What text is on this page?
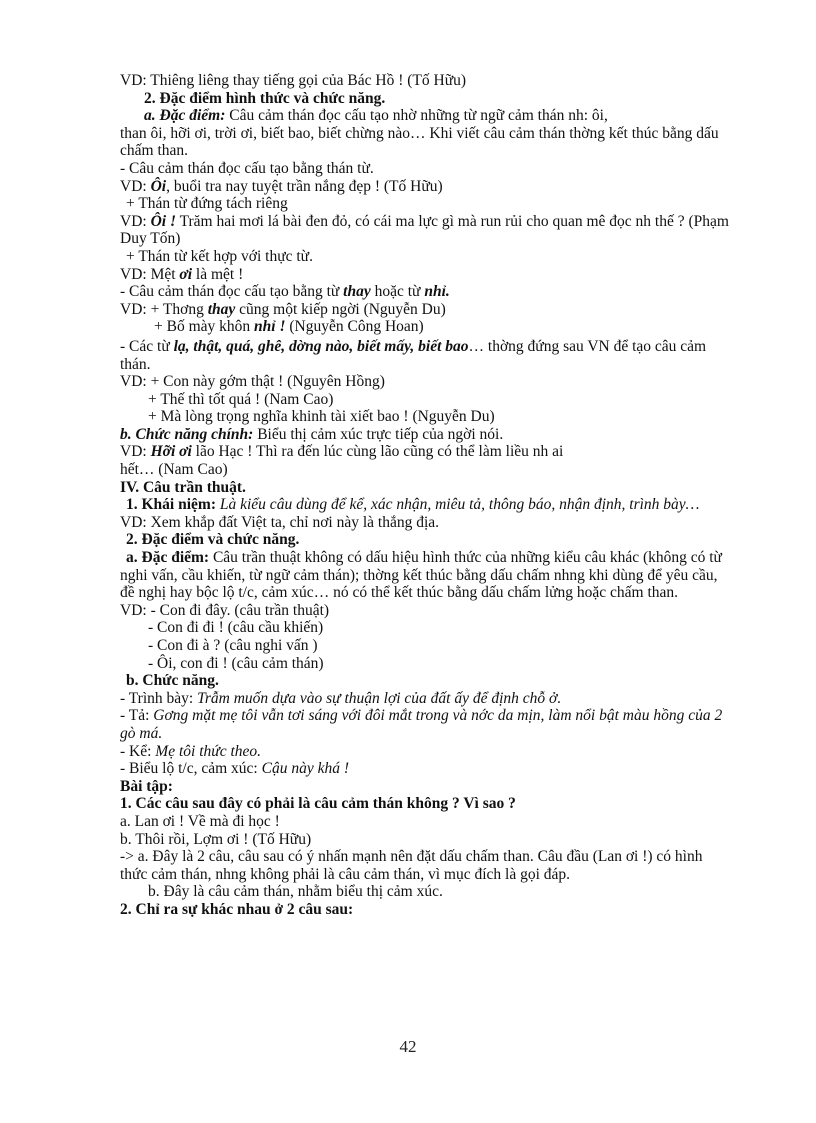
VD: Thiêng liêng thay tiếng gọi của Bác Hồ ! (Tố Hữu)
2. Đặc điểm hình thức và chức năng.
a. Đặc điểm: Câu cảm thán đọc cấu tạo nhờ những từ ngữ cảm thán nh: ôi,
than ôi, hỡi ơi, trời ơi, biết bao, biết chừng nào… Khi viết câu cảm thán thờng kết thúc bằng dấu chấm than.
- Câu cảm thán đọc cấu tạo bằng thán từ.
VD: Ôi, buổi tra nay tuyệt trần nắng đẹp ! (Tố Hữu)
+ Thán từ đứng tách riêng
VD: Ôi ! Trăm hai mơi lá bài đen đỏ, có cái ma lực gì mà run rủi cho quan mê đọc nh thế ? (Phạm Duy Tốn)
+ Thán từ kết hợp với thực từ.
VD: Mệt ơi là mệt !
- Câu cảm thán đọc cấu tạo bằng từ thay hoặc từ nhỉ.
VD: + Thơng thay cũng một kiếp ngời (Nguyễn Du)
+ Bố mày khôn nhỉ ! (Nguyễn Công Hoan)
- Các từ lạ, thật, quá, ghê, dờng nào, biết mấy, biết bao… thờng đứng sau VN để tạo câu cảm thán.
VD: + Con này gớm thật ! (Nguyên Hồng)
+ Thế thì tốt quá ! (Nam Cao)
+ Mà lòng trọng nghĩa khinh tài xiết bao ! (Nguyễn Du)
b. Chức năng chính: Biểu thị cảm xúc trực tiếp của ngời nói.
VD: Hỡi ơi lão Hạc ! Thì ra đến lúc cùng lão cũng có thể làm liều nh ai
hết… (Nam Cao)
IV. Câu trần thuật.
1. Khái niệm: Là kiểu câu dùng để kể, xác nhận, miêu tả, thông báo, nhận định, trình bày…
VD: Xem khắp đất Việt ta, chỉ nơi này là thắng địa.
2. Đặc điểm và chức năng.
a. Đặc điểm: Câu trần thuật không có dấu hiệu hình thức của những kiểu câu khác (không có từ nghi vấn, cầu khiến, từ ngữ cảm thán); thờng kết thúc bằng dấu chấm nhng khi dùng để yêu cầu, đề nghị hay bộc lộ t/c, cảm xúc… nó có thể kết thúc bằng dấu chấm lửng hoặc chấm than.
VD: - Con đi đây. (câu trần thuật)
- Con đi đi ! (câu cầu khiến)
- Con đi à ? (câu nghi vấn )
- Ôi, con đi ! (câu cảm thán)
b. Chức năng.
- Trình bày: Trẫm muốn dựa vào sự thuận lợi của đất ấy để định chỗ ở.
- Tả: Gơng mặt mẹ tôi vẫn tơi sáng với đôi mắt trong và nớc da mịn, làm nổi bật màu hồng của 2 gò má.
- Kể: Mẹ tôi thức theo.
- Biểu lộ t/c, cảm xúc: Cậu này khá !
Bài tập:
1. Các câu sau đây có phải là câu cảm thán không ? Vì sao ?
a. Lan ơi ! Về mà đi học !
b. Thôi rồi, Lợm ơi ! (Tố Hữu)
-> a. Đây là 2 câu, câu sau có ý nhấn mạnh nên đặt dấu chấm than. Câu đầu (Lan ơi !) có hình thức cảm thán, nhng không phải là câu cảm thán, vì mục đích là gọi đáp.
b. Đây là câu cảm thán, nhằm biểu thị cảm xúc.
2. Chỉ ra sự khác nhau ở 2 câu sau:
42
